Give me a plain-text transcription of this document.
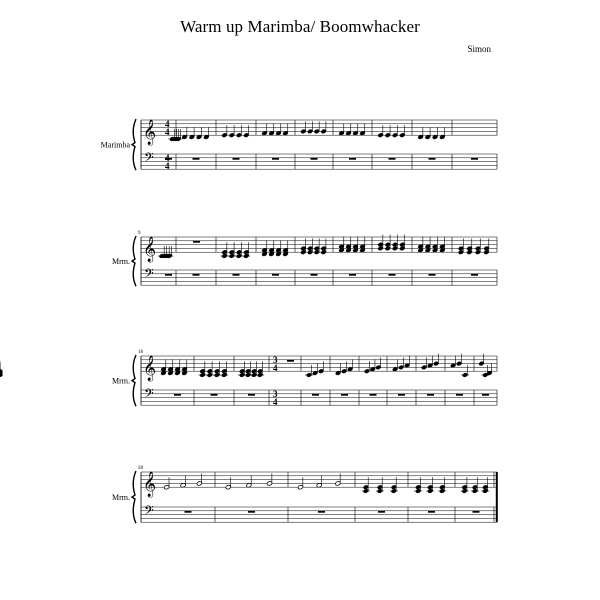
Warm up Marimba/ Boomwhacker
Simon
𝄞
𝄢
Marimba
4
4
4
𝄞
𝄢
Mrm.
9
𝄞
𝄢
Mrm.
18
3
4
3
4
𝄞
𝄢
Mrm.
28
